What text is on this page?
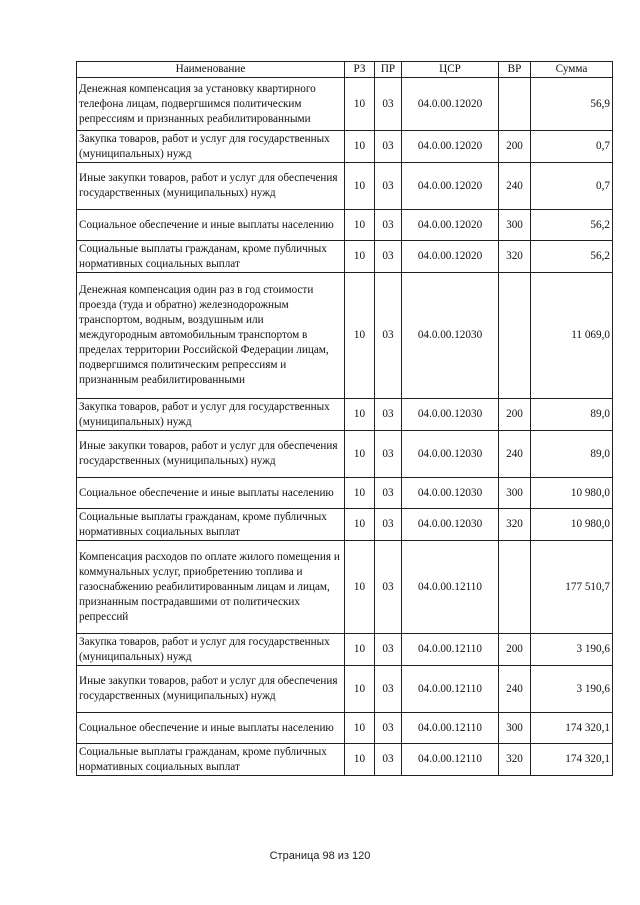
Наименование	РЗ	ПР	ЦСР	ВР	Сумма
Денежная компенсация за установку квартирного телефона лицам, подвергшимся политическим репрессиям и признанных реабилитированными	10	03	04.0.00.12020		56,9
Закупка товаров, работ и услуг для государственных (муниципальных) нужд	10	03	04.0.00.12020	200	0,7
Иные закупки товаров, работ и услуг для обеспечения государственных (муниципальных) нужд	10	03	04.0.00.12020	240	0,7
Социальное обеспечение и иные выплаты населению	10	03	04.0.00.12020	300	56,2
Социальные выплаты гражданам, кроме публичных нормативных социальных выплат	10	03	04.0.00.12020	320	56,2
Денежная компенсация один раз в год стоимости проезда (туда и обратно) железнодорожным транспортом, водным, воздушным или междугородным автомобильным транспортом в пределах территории Российской Федерации лицам, подвергшимся политическим репрессиям и признанным реабилитированными	10	03	04.0.00.12030		11 069,0
Закупка товаров, работ и услуг для государственных (муниципальных) нужд	10	03	04.0.00.12030	200	89,0
Иные закупки товаров, работ и услуг для обеспечения государственных (муниципальных) нужд	10	03	04.0.00.12030	240	89,0
Социальное обеспечение и иные выплаты населению	10	03	04.0.00.12030	300	10 980,0
Социальные выплаты гражданам, кроме публичных нормативных социальных выплат	10	03	04.0.00.12030	320	10 980,0
Компенсация расходов по оплате жилого помещения и коммунальных услуг, приобретению топлива и газоснабжению реабилитированным лицам и лицам, признанным пострадавшими от политических репрессий	10	03	04.0.00.12110		177 510,7
Закупка товаров, работ и услуг для государственных (муниципальных) нужд	10	03	04.0.00.12110	200	3 190,6
Иные закупки товаров, работ и услуг для обеспечения государственных (муниципальных) нужд	10	03	04.0.00.12110	240	3 190,6
Социальное обеспечение и иные выплаты населению	10	03	04.0.00.12110	300	174 320,1
Социальные выплаты гражданам, кроме публичных нормативных социальных выплат	10	03	04.0.00.12110	320	174 320,1
Страница 98 из 120
